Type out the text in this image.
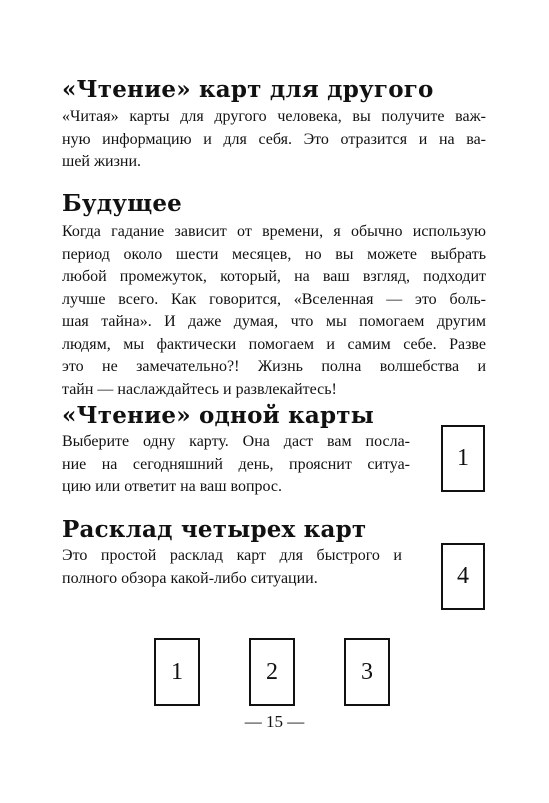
«Чтение» карт для другого
«Читая» карты для другого человека, вы получите важ-
ную информацию и для себя. Это отразится и на ва-
шей жизни.
Будущее
Когда гадание зависит от времени, я обычно использую
период около шести месяцев, но вы можете выбрать
любой промежуток, который, на ваш взгляд, подходит
лучше всего. Как говорится, «Вселенная — это боль-
шая тайна». И даже думая, что мы помогаем другим
людям, мы фактически помогаем и самим себе. Разве
это не замечательно?! Жизнь полна волшебства и
тайн — наслаждайтесь и развлекайтесь!
«Чтение» одной карты
Выберите одну карту. Она даст вам посла-
ние на сегодняшний день, прояснит ситуа-
цию или ответит на ваш вопрос.
1
Расклад четырех карт
Это простой расклад карт для быстрого и
полного обзора какой-либо ситуации.	4
1	2	3
— 15 —
